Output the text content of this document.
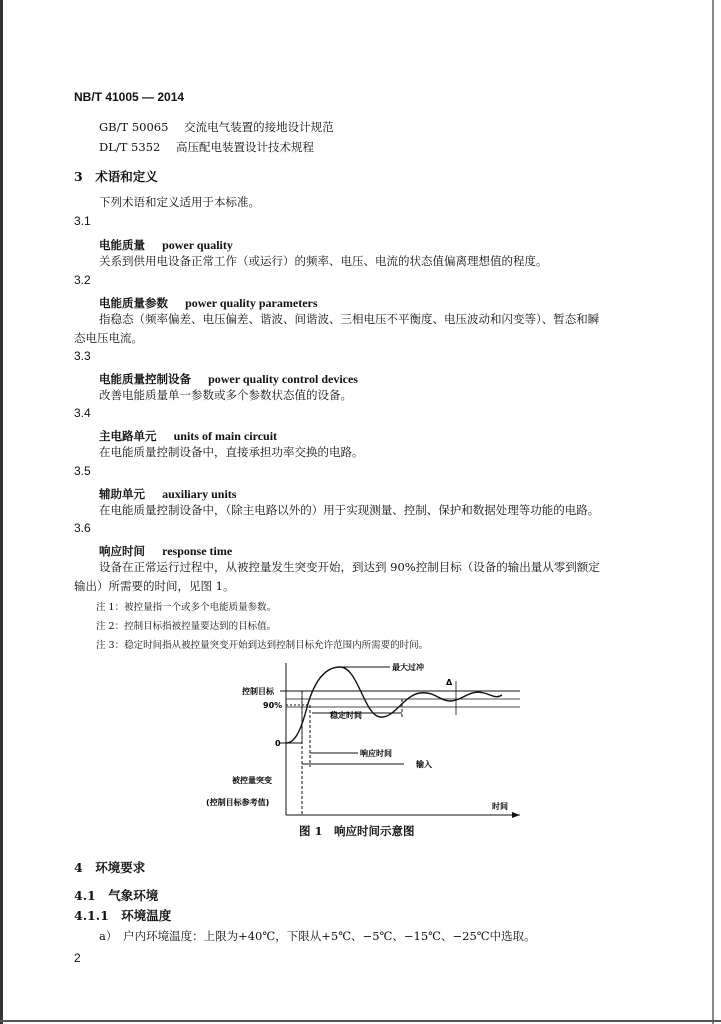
NB/T 41005 — 2014
GB/T 50065 交流电气装置的接地设计规范
DL/T 5352 高压配电装置设计技术规程
3　术语和定义
下列术语和定义适用于本标准。
3.1
电能质量 power quality
关系到供用电设备正常工作（或运行）的频率、电压、电流的状态值偏离理想值的程度。
3.2
电能质量参数 power quality parameters
指稳态（频率偏差、电压偏差、谐波、间谐波、三相电压不平衡度、电压波动和闪变等）、暂态和瞬
态电压电流。
3.3
电能质量控制设备 power quality control devices
改善电能质量单一参数或多个参数状态值的设备。
3.4
主电路单元 units of main circuit
在电能质量控制设备中，直接承担功率交换的电路。
3.5
辅助单元 auxiliary units
在电能质量控制设备中，（除主电路以外的）用于实现测量、控制、保护和数据处理等功能的电路。
3.6
响应时间 response time
设备在正常运行过程中，从被控量发生突变开始，到达到 90%控制目标（设备的输出量从零到额定
输出）所需要的时间，见图 1。
注 1：被控量指一个或多个电能质量参数。
注 2：控制目标指被控量要达到的目标值。
注 3：稳定时间指从被控量突变开始到达到控制目标允许范围内所需要的时间。
最大过冲
控制目标
90%
稳定时间
0
响应时间
输入
被控量突变
(控制目标参考值)	时间
Δ
图 1　响应时间示意图
4　环境要求
4.1　气象环境
4.1.1　环境温度
a）　户内环境温度：上限为+40℃，下限从+5℃、−5℃、−15℃、−25℃中选取。
2
